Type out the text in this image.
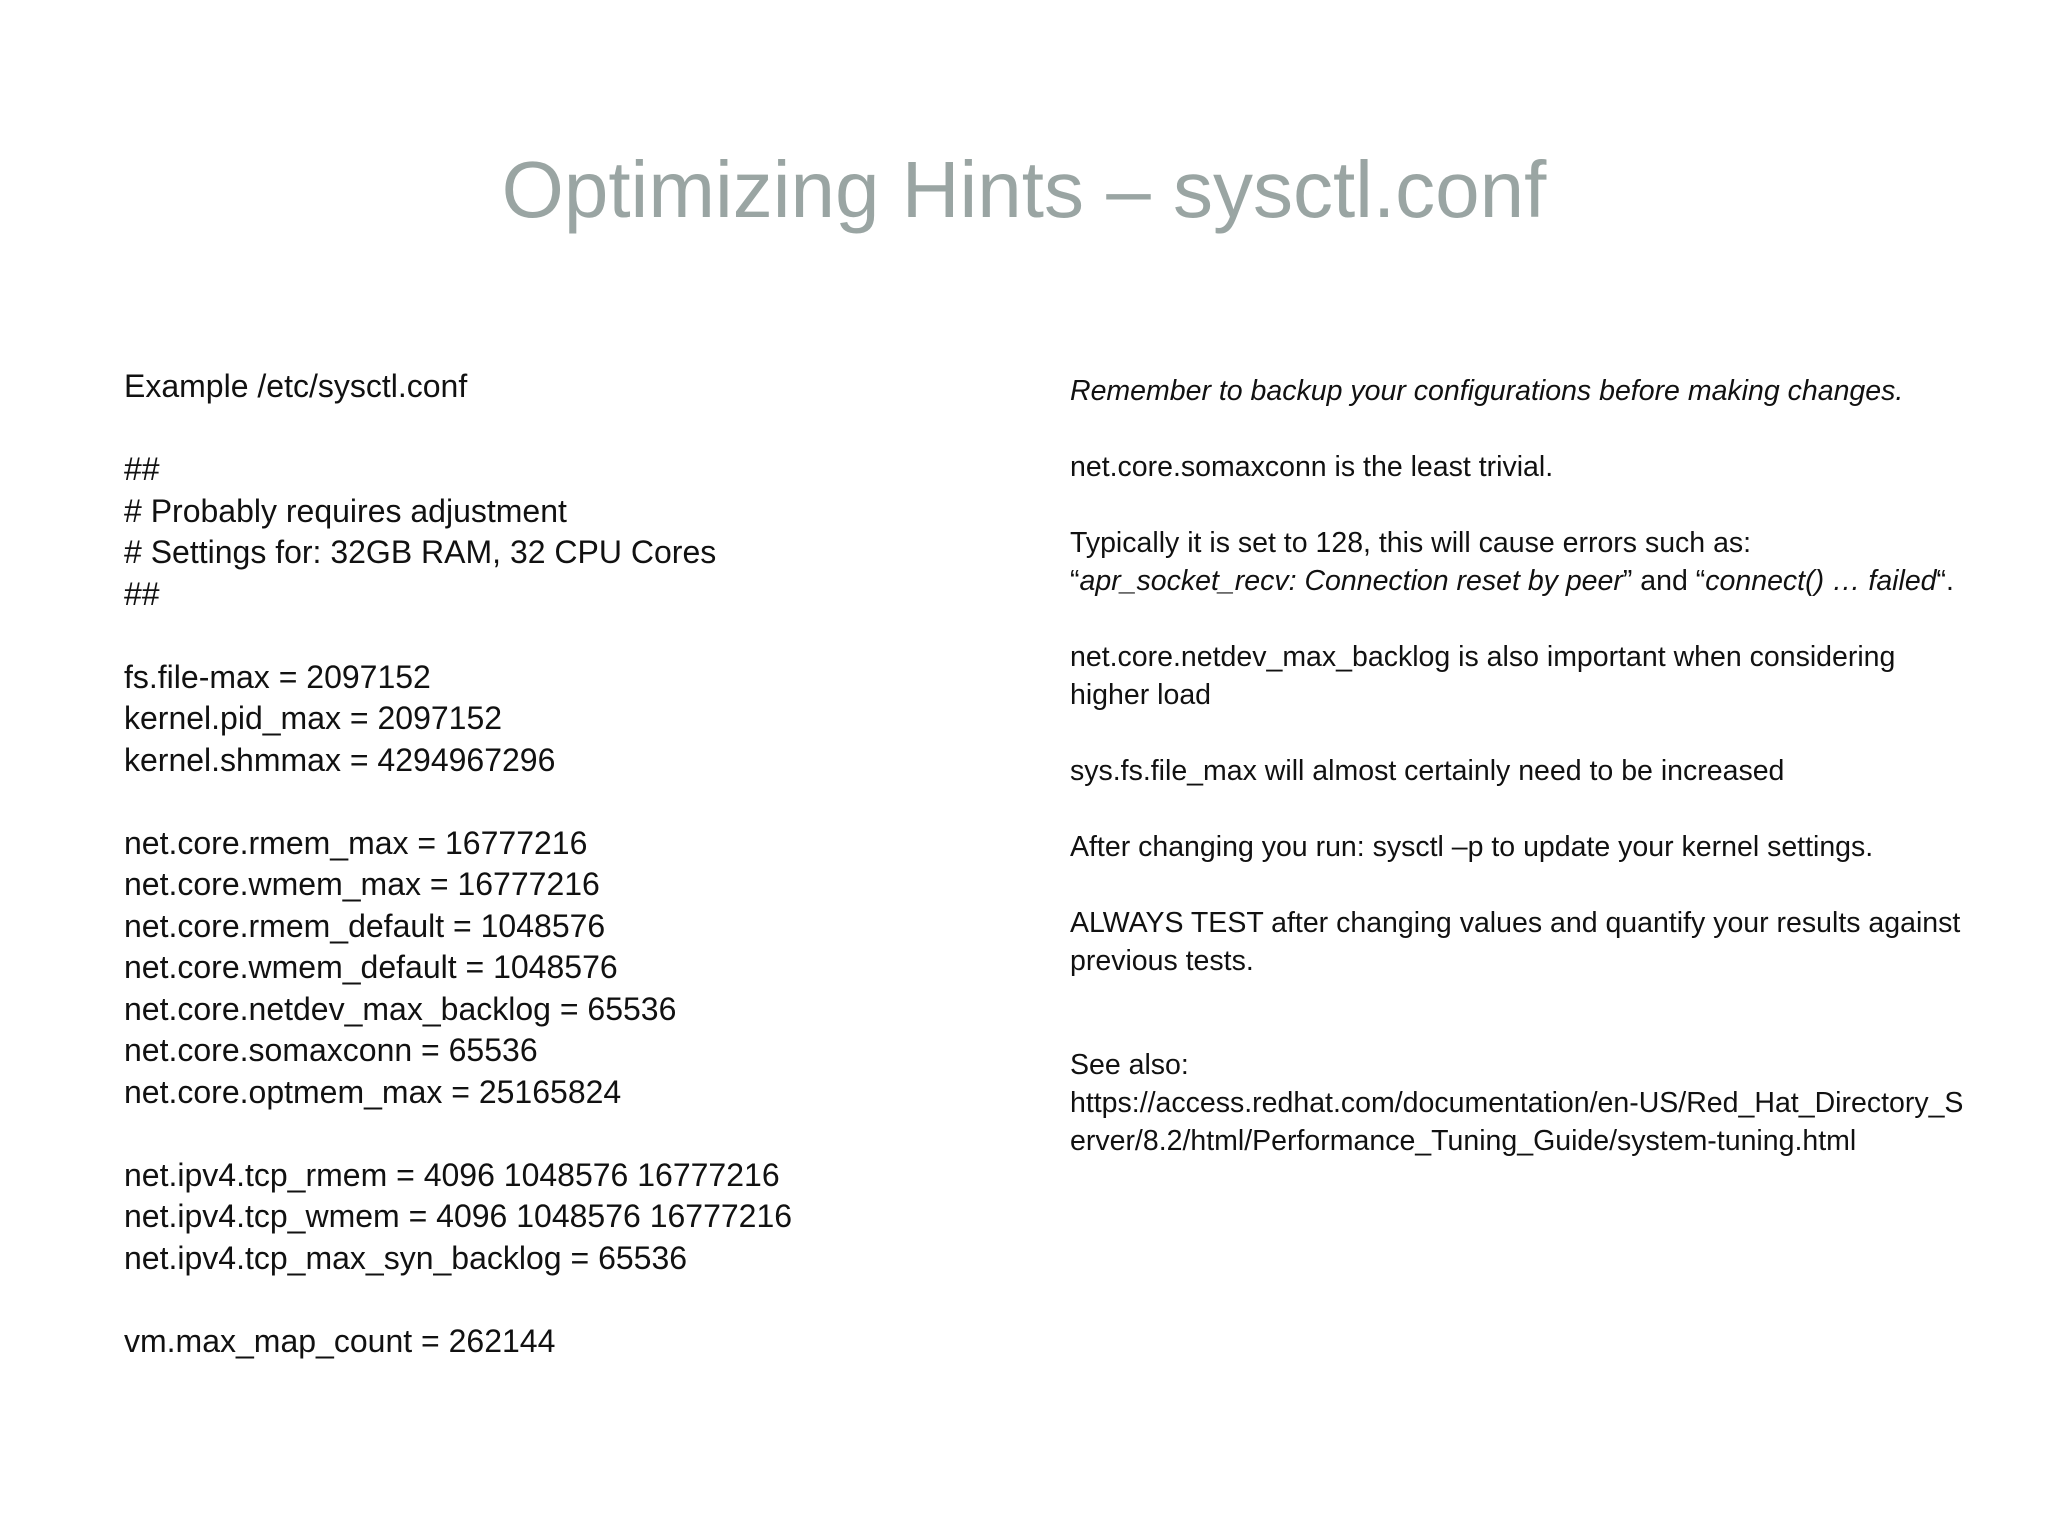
Optimizing Hints – sysctl.conf
Example /etc/sysctl.conf
##
# Probably requires adjustment
# Settings for: 32GB RAM, 32 CPU Cores
##
fs.file-max = 2097152
kernel.pid_max = 2097152
kernel.shmmax = 4294967296
net.core.rmem_max = 16777216
net.core.wmem_max = 16777216
net.core.rmem_default = 1048576
net.core.wmem_default = 1048576
net.core.netdev_max_backlog = 65536
net.core.somaxconn = 65536
net.core.optmem_max = 25165824
net.ipv4.tcp_rmem = 4096 1048576 16777216
net.ipv4.tcp_wmem = 4096 1048576 16777216
net.ipv4.tcp_max_syn_backlog = 65536
vm.max_map_count = 262144

Remember to backup your configurations before making changes.

net.core.somaxconn is the least trivial.

Typically it is set to 128, this will cause errors such as:
“apr_socket_recv: Connection reset by peer” and “connect() … failed“.

net.core.netdev_max_backlog is also important when considering higher load

sys.fs.file_max will almost certainly need to be increased

After changing you run: sysctl –p to update your kernel settings.

ALWAYS TEST after changing values and quantify your results against previous tests.

See also:
https://access.redhat.com/documentation/en-US/Red_Hat_Directory_Server/8.2/html/Performance_Tuning_Guide/system-tuning.html
